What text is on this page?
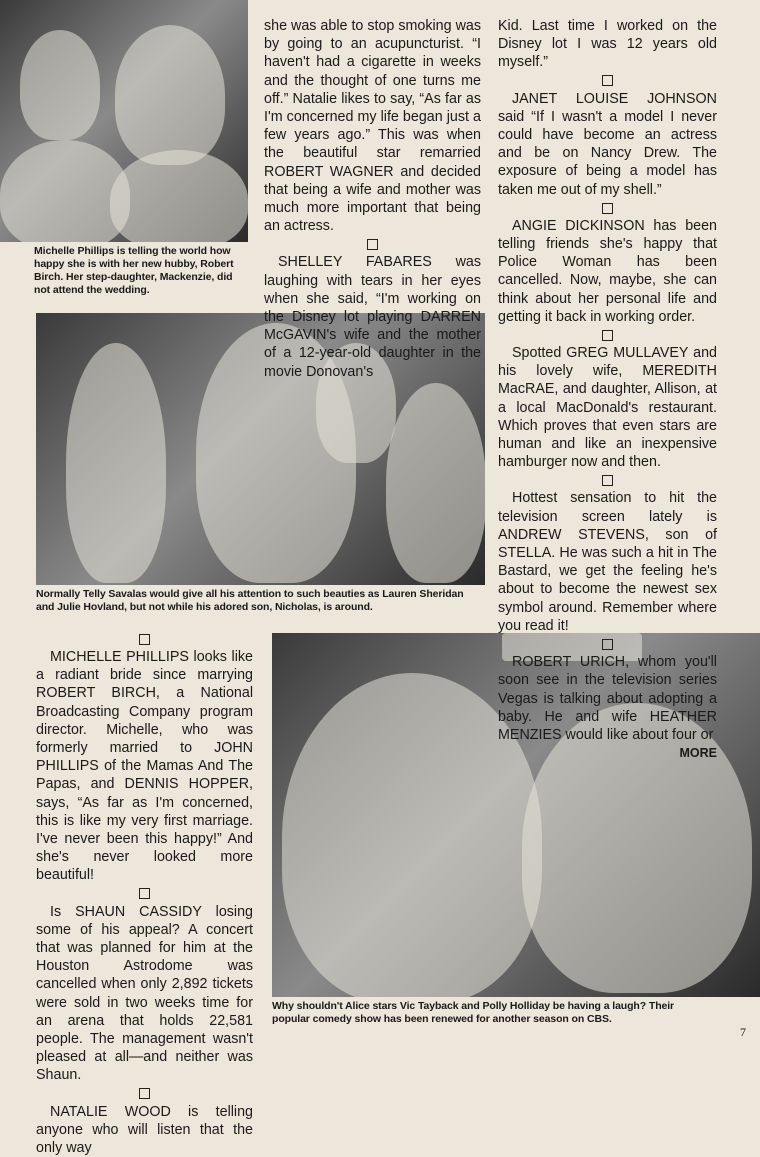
Michelle Phillips is telling the world how happy she is with her new hubby, Robert Birch. Her step-daughter, Mackenzie, did not attend the wedding.
Normally Telly Savalas would give all his attention to such beauties as Lauren Sheridan and Julie Hovland, but not while his adored son, Nicholas, is around.
Why shouldn't Alice stars Vic Tayback and Polly Holliday be having a laugh? Their popular comedy show has been renewed for another season on CBS.

she was able to stop smoking was by going to an acupuncturist. “I haven't had a cigarette in weeks and the thought of one turns me off.” Natalie likes to say, “As far as I'm concerned my life began just a few years ago.” This was when the beautiful star remarried ROBERT WAGNER and decided that being a wife and mother was much more important that being an actress.

SHELLEY FABARES was laughing with tears in her eyes when she said, “I'm working on the Disney lot playing DARREN McGAVIN's wife and the mother of a 12-year-old daughter in the movie Donovan's

Kid. Last time I worked on the Disney lot I was 12 years old myself.”

JANET LOUISE JOHNSON said “If I wasn't a model I never could have become an actress and be on Nancy Drew. The exposure of being a model has taken me out of my shell.”

ANGIE DICKINSON has been telling friends she's happy that Police Woman has been cancelled. Now, maybe, she can think about her personal life and getting it back in working order.

Spotted GREG MULLAVEY and his lovely wife, MEREDITH MacRAE, and daughter, Allison, at a local MacDonald's restaurant. Which proves that even stars are human and like an inexpensive hamburger now and then.

Hottest sensation to hit the television screen lately is ANDREW STEVENS, son of STELLA. He was such a hit in The Bastard, we get the feeling he's about to become the newest sex symbol around. Remember where you read it!

ROBERT URICH, whom you'll soon see in the television series Vegas is talking about adopting a baby. He and wife HEATHER MENZIES would like about four or

MORE

MICHELLE PHILLIPS looks like a radiant bride since marrying ROBERT BIRCH, a National Broadcasting Company program director. Michelle, who was formerly married to JOHN PHILLIPS of the Mamas And The Papas, and DENNIS HOPPER, says, “As far as I'm concerned, this is like my very first marriage. I've never been this happy!” And she's never looked more beautiful!

Is SHAUN CASSIDY losing some of his appeal? A concert that was planned for him at the Houston Astrodome was cancelled when only 2,892 tickets were sold in two weeks time for an arena that holds 22,581 people. The management wasn't pleased at all—and neither was Shaun.

NATALIE WOOD is telling anyone who will listen that the only way

7
